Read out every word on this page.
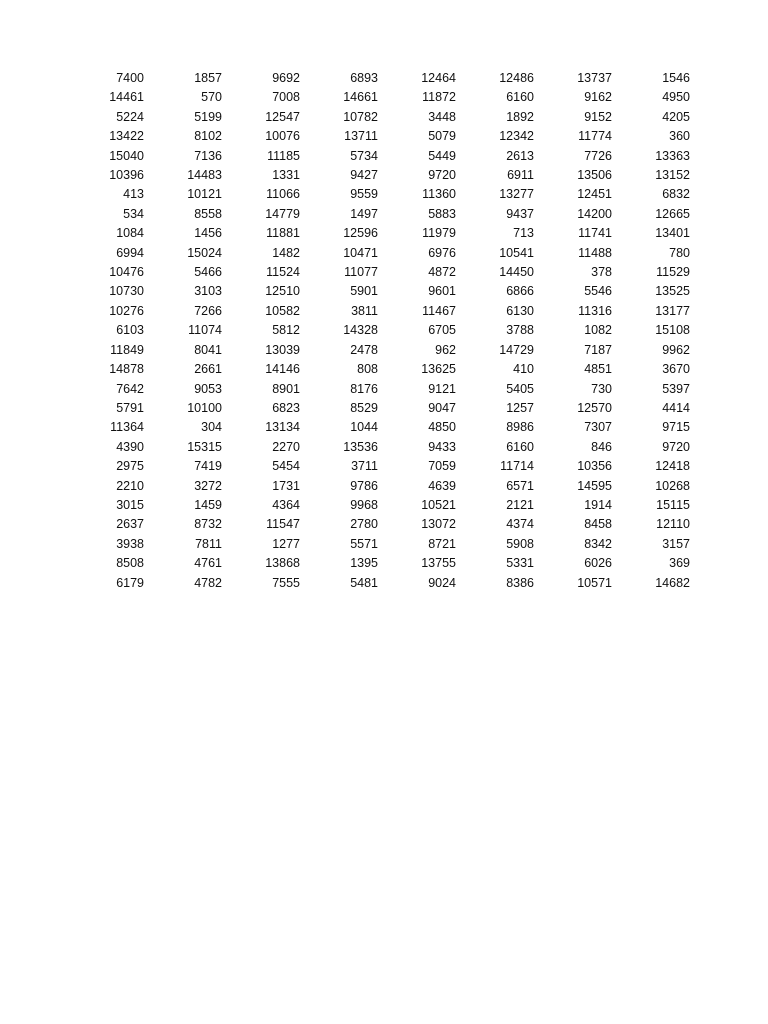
7400	1857	9692	6893	12464	12486	13737	1546
14461	570	7008	14661	11872	6160	9162	4950
5224	5199	12547	10782	3448	1892	9152	4205
13422	8102	10076	13711	5079	12342	11774	360
15040	7136	11185	5734	5449	2613	7726	13363
10396	14483	1331	9427	9720	6911	13506	13152
413	10121	11066	9559	11360	13277	12451	6832
534	8558	14779	1497	5883	9437	14200	12665
1084	1456	11881	12596	11979	713	11741	13401
6994	15024	1482	10471	6976	10541	11488	780
10476	5466	11524	11077	4872	14450	378	11529
10730	3103	12510	5901	9601	6866	5546	13525
10276	7266	10582	3811	11467	6130	11316	13177
6103	11074	5812	14328	6705	3788	1082	15108
11849	8041	13039	2478	962	14729	7187	9962
14878	2661	14146	808	13625	410	4851	3670
7642	9053	8901	8176	9121	5405	730	5397
5791	10100	6823	8529	9047	1257	12570	4414
11364	304	13134	1044	4850	8986	7307	9715
4390	15315	2270	13536	9433	6160	846	9720
2975	7419	5454	3711	7059	11714	10356	12418
2210	3272	1731	9786	4639	6571	14595	10268
3015	1459	4364	9968	10521	2121	1914	15115
2637	8732	11547	2780	13072	4374	8458	12110
3938	7811	1277	5571	8721	5908	8342	3157
8508	4761	13868	1395	13755	5331	6026	369
6179	4782	7555	5481	9024	8386	10571	14682
